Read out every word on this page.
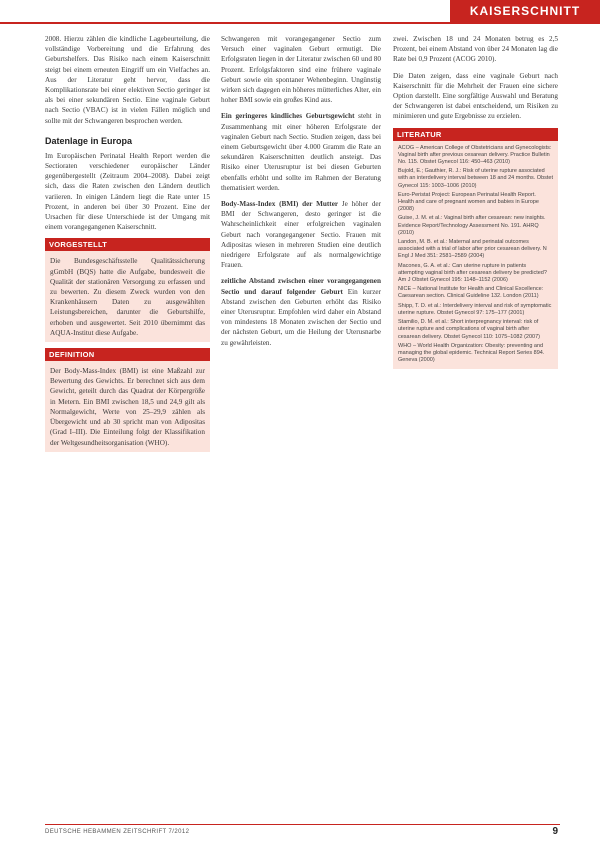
KAISERSCHNITT

2008. Hierzu zählen die kindliche Lagebeurteilung, die vollständige Vorbereitung und die Erfahrung des Geburtshelfers. Das Risiko nach einem Kaiserschnitt steigt bei einem erneuten Eingriff um ein Vielfaches an. Aus der Literatur geht hervor, dass die Komplikationsrate bei einer elektiven Sectio geringer ist als bei einer sekundären Sectio. Eine vaginale Geburt nach Sectio (VBAC) ist in vielen Fällen möglich und sollte mit der Schwangeren besprochen werden.

Datenlage in Europa

Im Europäischen Perinatal Health Report werden die Sectioraten verschiedener europäischer Länder gegenübergestellt (Zeitraum 2004–2008). Dabei zeigt sich, dass die Raten zwischen den Ländern deutlich variieren. In einigen Ländern liegt die Rate unter 15 Prozent, in anderen bei über 30 Prozent. Eine der Ursachen für diese Unterschiede ist der Umgang mit einem vorangegangenen Kaiserschnitt.

VORGESTELLT

Die Bundesgeschäftsstelle Qualitätssicherung gGmbH (BQS) hatte die Aufgabe, bundesweit die Qualität der stationären Versorgung zu erfassen und zu bewerten. Zu diesem Zweck wurden von den Krankenhäusern Daten zu ausgewählten Leistungsbereichen, darunter die Geburtshilfe, erhoben und ausgewertet. Seit 2010 übernimmt das AQUA-Institut diese Aufgabe.

DEFINITION

Der Body-Mass-Index (BMI) ist eine Maßzahl zur Bewertung des Gewichts. Er berechnet sich aus dem Gewicht, geteilt durch das Quadrat der Körpergröße in Metern. Ein BMI zwischen 18,5 und 24,9 gilt als Normalgewicht, Werte von 25–29,9 zählen als Übergewicht und ab 30 spricht man von Adipositas (Grad I–III). Die Einteilung folgt der Klassifikation der Weltgesundheitsorganisation (WHO).

Schwangeren mit vorangegangener Sectio zum Versuch einer vaginalen Geburt ermutigt. Die Erfolgsraten liegen in der Literatur zwischen 60 und 80 Prozent. Erfolgsfaktoren sind eine frühere vaginale Geburt sowie ein spontaner Wehenbeginn. Ungünstig wirken sich dagegen ein höheres mütterliches Alter, ein hoher BMI sowie ein großes Kind aus.

Ein geringeres kindliches Geburtsgewicht steht in Zusammenhang mit einer höheren Erfolgsrate der vaginalen Geburt nach Sectio. Studien zeigen, dass bei einem Geburtsgewicht über 4.000 Gramm die Rate an sekundären Kaiserschnitten deutlich ansteigt. Das Risiko einer Uterusruptur ist bei diesen Geburten ebenfalls erhöht und sollte im Rahmen der Beratung thematisiert werden.

Body-Mass-Index (BMI) der Mutter Je höher der BMI der Schwangeren, desto geringer ist die Wahrscheinlichkeit einer erfolgreichen vaginalen Geburt nach vorangegangener Sectio. Frauen mit Adipositas wiesen in mehreren Studien eine deutlich niedrigere Erfolgsrate auf als normalgewichtige Frauen.

zeitliche Abstand zwischen einer vorangegangenen Sectio und darauf folgender Geburt Ein kurzer Abstand zwischen den Geburten erhöht das Risiko einer Uterusruptur. Empfohlen wird daher ein Abstand von mindestens 18 Monaten zwischen der Sectio und der nächsten Geburt, um die Heilung der Uterusnarbe zu gewährleisten.

zwei. Zwischen 18 und 24 Monaten betrug es 2,5 Prozent, bei einem Abstand von über 24 Monaten lag die Rate bei 0,9 Prozent (ACOG 2010).

Die Daten zeigen, dass eine vaginale Geburt nach Kaiserschnitt für die Mehrheit der Frauen eine sichere Option darstellt. Eine sorgfältige Auswahl und Beratung der Schwangeren ist dabei entscheidend, um Risiken zu minimieren und gute Ergebnisse zu erzielen.

LITERATUR

ACOG – American College of Obstetricians and Gynecologists: Vaginal birth after previous cesarean delivery. Practice Bulletin No. 115. Obstet Gynecol 116: 450–463 (2010)

Bujold, E.; Gauthier, R. J.: Risk of uterine rupture associated with an interdelivery interval between 18 and 24 months. Obstet Gynecol 115: 1003–1006 (2010)

Euro-Peristat Project: European Perinatal Health Report. Health and care of pregnant women and babies in Europe (2008)

Guise, J. M. et al.: Vaginal birth after cesarean: new insights. Evidence Report/Technology Assessment No. 191. AHRQ (2010)

Landon, M. B. et al.: Maternal and perinatal outcomes associated with a trial of labor after prior cesarean delivery. N Engl J Med 351: 2581–2589 (2004)

Macones, G. A. et al.: Can uterine rupture in patients attempting vaginal birth after cesarean delivery be predicted? Am J Obstet Gynecol 195: 1148–1152 (2006)

NICE – National Institute for Health and Clinical Excellence: Caesarean section. Clinical Guideline 132. London (2011)

Shipp, T. D. et al.: Interdelivery interval and risk of symptomatic uterine rupture. Obstet Gynecol 97: 175–177 (2001)

Stamilio, D. M. et al.: Short interpregnancy interval: risk of uterine rupture and complications of vaginal birth after cesarean delivery. Obstet Gynecol 110: 1075–1082 (2007)

WHO – World Health Organization: Obesity: preventing and managing the global epidemic. Technical Report Series 894. Geneva (2000)

DEUTSCHE HEBAMMEN ZEITSCHRIFT 7/2012	9
